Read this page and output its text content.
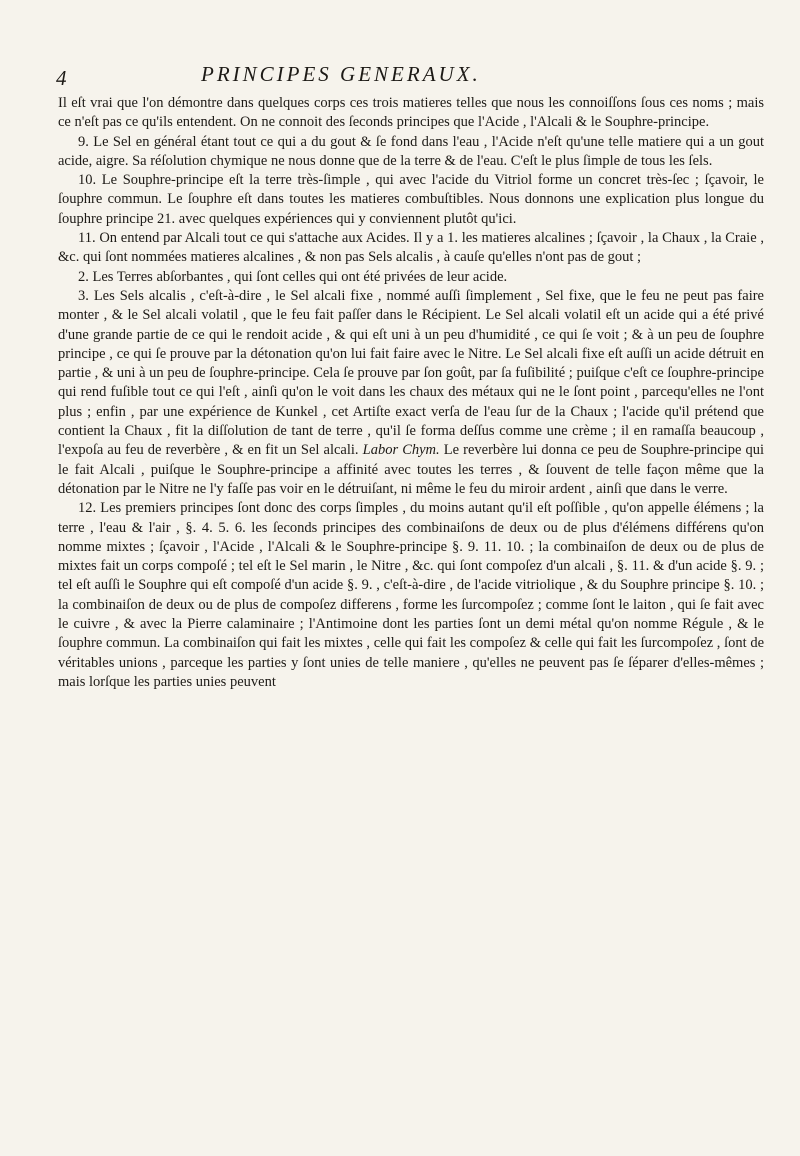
4	PRINCIPES GENERAUX.

Il eſt vrai que l'on démontre dans quelques corps ces trois matieres telles que nous les connoiſſons ſous ces noms ; mais ce n'eſt pas ce qu'ils entendent. On ne connoit des ſeconds principes que l'Acide , l'Alcali & le Souphre-principe.

9. Le Sel en général étant tout ce qui a du gout & ſe fond dans l'eau , l'Acide n'eſt qu'une telle matiere qui a un gout acide, aigre. Sa réſolution chymique ne nous donne que de la terre & de l'eau. C'eſt le plus ſimple de tous les ſels.

10. Le Souphre-principe eſt la terre très-ſimple , qui avec l'acide du Vitriol forme un concret très-ſec ; ſçavoir, le ſouphre commun. Le ſouphre eſt dans toutes les matieres combuſtibles. Nous donnons une explication plus longue du ſouphre principe 21. avec quelques expériences qui y conviennent plutôt qu'ici.

11. On entend par Alcali tout ce qui s'attache aux Acides. Il y a 1. les matieres alcalines ; ſçavoir , la Chaux , la Craie , &c. qui ſont nommées matieres alcalines , & non pas Sels alcalis , à cauſe qu'elles n'ont pas de gout ;

2. Les Terres abſorbantes , qui ſont celles qui ont été privées de leur acide.

3. Les Sels alcalis , c'eſt-à-dire , le Sel alcali fixe , nommé auſſi ſimplement , Sel fixe, que le feu ne peut pas faire monter , & le Sel alcali volatil , que le feu fait paſſer dans le Récipient. Le Sel alcali volatil eſt un acide qui a été privé d'une grande partie de ce qui le rendoit acide , & qui eſt uni à un peu d'humidité , ce qui ſe voit ; & à un peu de ſouphre principe , ce qui ſe prouve par la détonation qu'on lui fait faire avec le Nitre. Le Sel alcali fixe eſt auſſi un acide détruit en partie , & uni à un peu de ſouphre-principe. Cela ſe prouve par ſon goût, par ſa fuſibilité ; puiſque c'eſt ce ſouphre-principe qui rend fuſible tout ce qui l'eſt , ainſi qu'on le voit dans les chaux des métaux qui ne le ſont point , parcequ'elles ne l'ont plus ; enfin , par une expérience de Kunkel , cet Artiſte exact verſa de l'eau ſur de la Chaux ; l'acide qu'il prétend que contient la Chaux , fit la diſſolution de tant de terre , qu'il ſe forma deſſus comme une crème ; il en ramaſſa beaucoup , l'expoſa au feu de reverbère , & en fit un Sel alcali. Labor Chym. Le reverbère lui donna ce peu de Souphre-principe qui le fait Alcali , puiſque le Souphre-principe a affinité avec toutes les terres , & ſouvent de telle façon même que la détonation par le Nitre ne l'y faſſe pas voir en le détruiſant, ni même le feu du miroir ardent , ainſi que dans le verre.

12. Les premiers principes ſont donc des corps ſimples , du moins autant qu'il eſt poſſible , qu'on appelle élémens ; la terre , l'eau & l'air , §. 4. 5. 6. les ſeconds principes des combinaiſons de deux ou de plus d'élémens différens qu'on nomme mixtes ; ſçavoir , l'Acide , l'Alcali & le Souphre-principe §. 9. 11. 10. ; la combinaiſon de deux ou de plus de mixtes fait un corps compoſé ; tel eſt le Sel marin , le Nitre , &c. qui ſont compoſez d'un alcali , §. 11. & d'un acide §. 9. ; tel eſt auſſi le Souphre qui eſt compoſé d'un acide §. 9. , c'eſt-à-dire , de l'acide vitriolique , & du Souphre principe §. 10. ; la combinaiſon de deux ou de plus de compoſez differens , forme les ſurcompoſez ; comme ſont le laiton , qui ſe fait avec le cuivre , & avec la Pierre calaminaire ; l'Antimoine dont les parties ſont un demi métal qu'on nomme Régule , & le ſouphre commun. La combinaiſon qui fait les mixtes , celle qui fait les compoſez & celle qui fait les ſurcompoſez , ſont de véritables unions , parceque les parties y ſont unies de telle maniere , qu'elles ne peuvent pas ſe ſéparer d'elles-mêmes ; mais lorſque les parties unies peuvent
